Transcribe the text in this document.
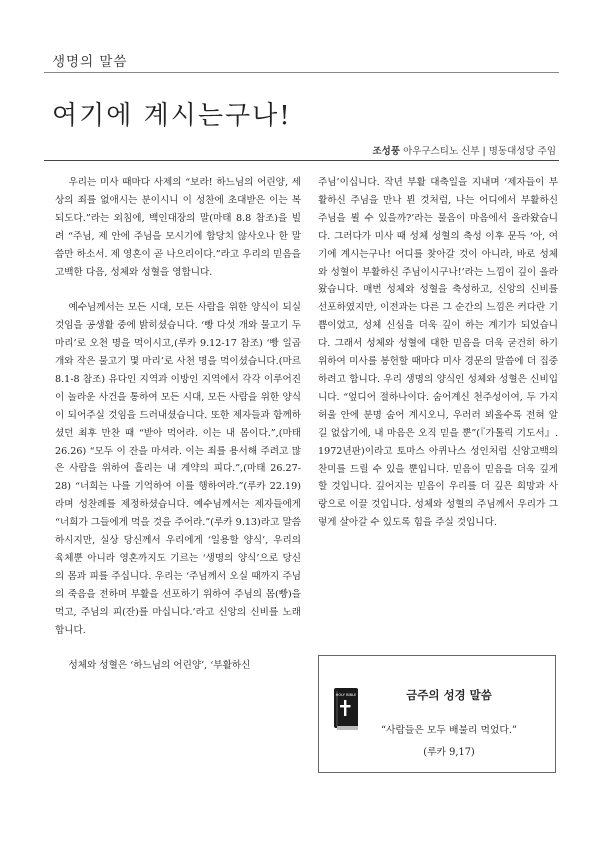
생명의 말씀
여기에 계시는구나!
조성풍 아우구스티노 신부 | 명동대성당 주임

우리는 미사 때마다 사제의 “보라! 하느님의 어린양, 세상의 죄를 없애시는 분이시니 이 성찬에 초대받은 이는 복되도다.”라는 외침에, 백인대장의 말(마태 8.8 참조)을 빌려 “주님, 제 안에 주님을 모시기에 합당치 않사오나 한 말씀만 하소서. 제 영혼이 곧 나으리이다.”라고 우리의 믿음을 고백한 다음, 성체와 성혈을 영합니다.

예수님께서는 모든 시대, 모든 사람을 위한 양식이 되실 것임을 공생활 중에 밝히셨습니다. ‘빵 다섯 개와 물고기 두 마리’로 오천 명을 먹이시고,(루카 9.12-17 참조) ‘빵 일곱 개와 작은 물고기 몇 마리’로 사천 명을 먹이셨습니다.(마르 8.1-8 참조) 유다인 지역과 이방인 지역에서 각각 이루어진 이 놀라운 사건을 통하여 모든 시대, 모든 사람을 위한 양식이 되어주실 것임을 드러내셨습니다. 또한 제자들과 함께하셨던 최후 만찬 때 “받아 먹어라. 이는 내 몸이다.”,(마태 26.26) “모두 이 잔을 마셔라. 이는 죄를 용서해 주려고 많은 사람을 위하여 흘리는 내 계약의 피다.”,(마태 26.27-28) “너희는 나를 기억하여 이를 행하여라.”(루카 22.19)라며 성찬례를 제정하셨습니다. 예수님께서는 제자들에게 “너희가 그들에게 먹을 것을 주어라.”(루카 9.13)라고 말씀하시지만, 실상 당신께서 우리에게 ‘일용할 양식’, 우리의 육체뿐 아니라 영혼까지도 기르는 ‘생명의 양식’으로 당신의 몸과 피를 주십니다. 우리는 ‘주님께서 오실 때까지 주님의 죽음을 전하며 부활을 선포하기 위하여 주님의 몸(빵)을 먹고, 주님의 피(잔)를 마십니다.’라고 신앙의 신비를 노래합니다.

성체와 성혈은 ‘하느님의 어린양’, ‘부활하신

주님’이십니다. 작년 부활 대축일을 지내며 ‘제자들이 부활하신 주님을 만나 뵌 것처럼, 나는 어디에서 부활하신 주님을 뵐 수 있을까?’라는 물음이 마음에서 올라왔습니다. 그러다가 미사 때 성체 성혈의 축성 이후 문득 ‘아, 여기에 계시는구나! 어디를 찾아갈 것이 아니라, 바로 성체와 성혈이 부활하신 주님이시구나!’라는 느낌이 깊이 올라왔습니다. 매번 성체와 성혈을 축성하고, 신앙의 신비를 선포하였지만, 이전과는 다른 그 순간의 느낌은 커다란 기쁨이었고, 성체 신심을 더욱 깊이 하는 계기가 되었습니다. 그래서 성체와 성혈에 대한 믿음을 더욱 굳건히 하기 위하여 미사를 봉헌할 때마다 미사 경문의 말씀에 더 집중하려고 합니다. 우리 생명의 양식인 성체와 성혈은 신비입니다. “엎디어 절하나이다. 숨어계신 천주성이여, 두 가지 허울 안에 분명 숨어 계시오니, 우러러 뵈올수록 전혀 알 길 없삽기에, 내 마음은 오직 믿을 뿐”(『가톨릭 기도서』. 1972년판)이라고 토마스 아퀴나스 성인처럼 신앙고백의 찬미를 드릴 수 있을 뿐입니다. 믿음이 믿음을 더욱 깊게 할 것입니다. 깊어지는 믿음이 우리를 더 깊은 희망과 사랑으로 이끌 것입니다. 성체와 성혈의 주님께서 우리가 그렇게 살아갈 수 있도록 힘을 주실 것입니다.

HOLY BIBLE	금주의 성경 말씀
“사람들은 모두 배불리 먹었다.”
(루카 9,17)
